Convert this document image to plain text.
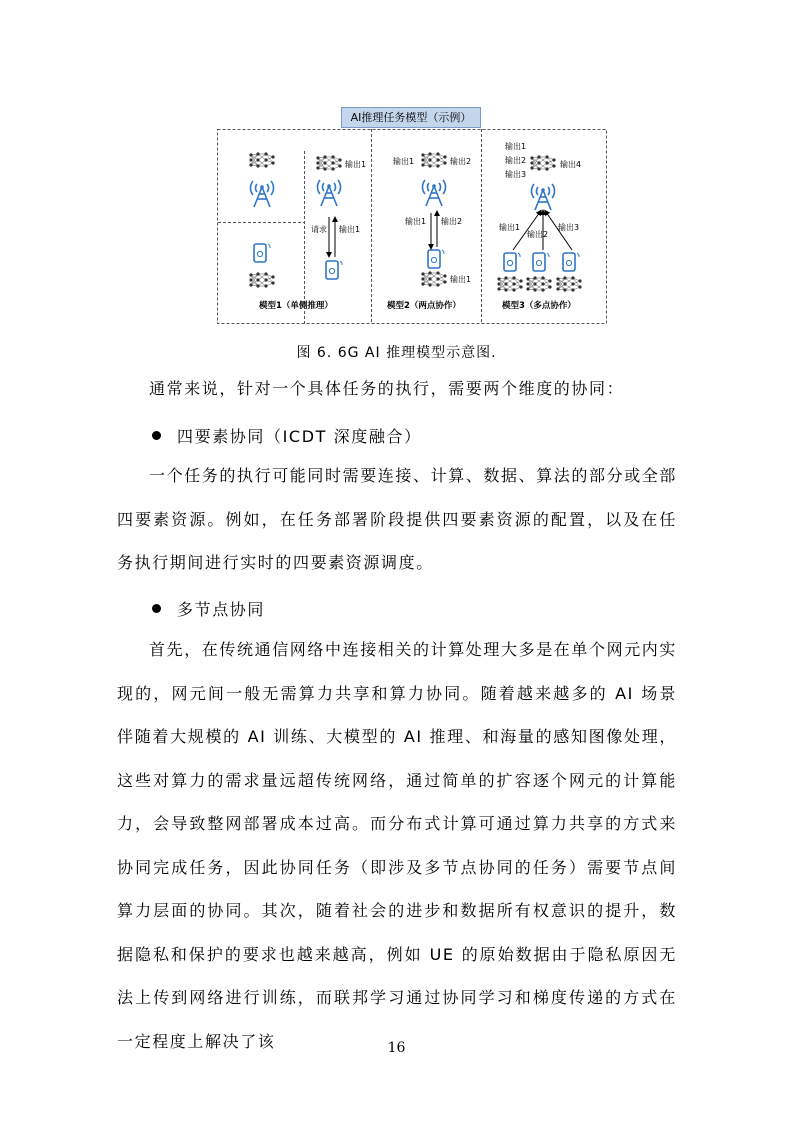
输出1
请求 输出1
模型1（单侧推理）
输出1	输出2
输出1 输出2
输出1
模型2（两点协作）
输出1
输出2
输出3
输出4
输出1
输出2
输出3
模型3（多点协作）
AI推理任务模型（示例）
图 6. 6G AI 推理模型示意图.

通常来说，针对一个具体任务的执行，需要两个维度的协同：

四要素协同（ICDT 深度融合）

一个任务的执行可能同时需要连接、计算、数据、算法的部分或全部四要素资源。例如，在任务部署阶段提供四要素资源的配置，以及在任务执行期间进行实时的四要素资源调度。

多节点协同

首先，在传统通信网络中连接相关的计算处理大多是在单个网元内实现的，网元间一般无需算力共享和算力协同。随着越来越多的 AI 场景伴随着大规模的 AI 训练、大模型的 AI 推理、和海量的感知图像处理，这些对算力的需求量远超传统网络，通过简单的扩容逐个网元的计算能力，会导致整网部署成本过高。而分布式计算可通过算力共享的方式来协同完成任务，因此协同任务（即涉及多节点协同的任务）需要节点间算力层面的协同。其次，随着社会的进步和数据所有权意识的提升，数据隐私和保护的要求也越来越高，例如 UE 的原始数据由于隐私原因无法上传到网络进行训练，而联邦学习通过协同学习和梯度传递的方式在一定程度上解决了该	16
